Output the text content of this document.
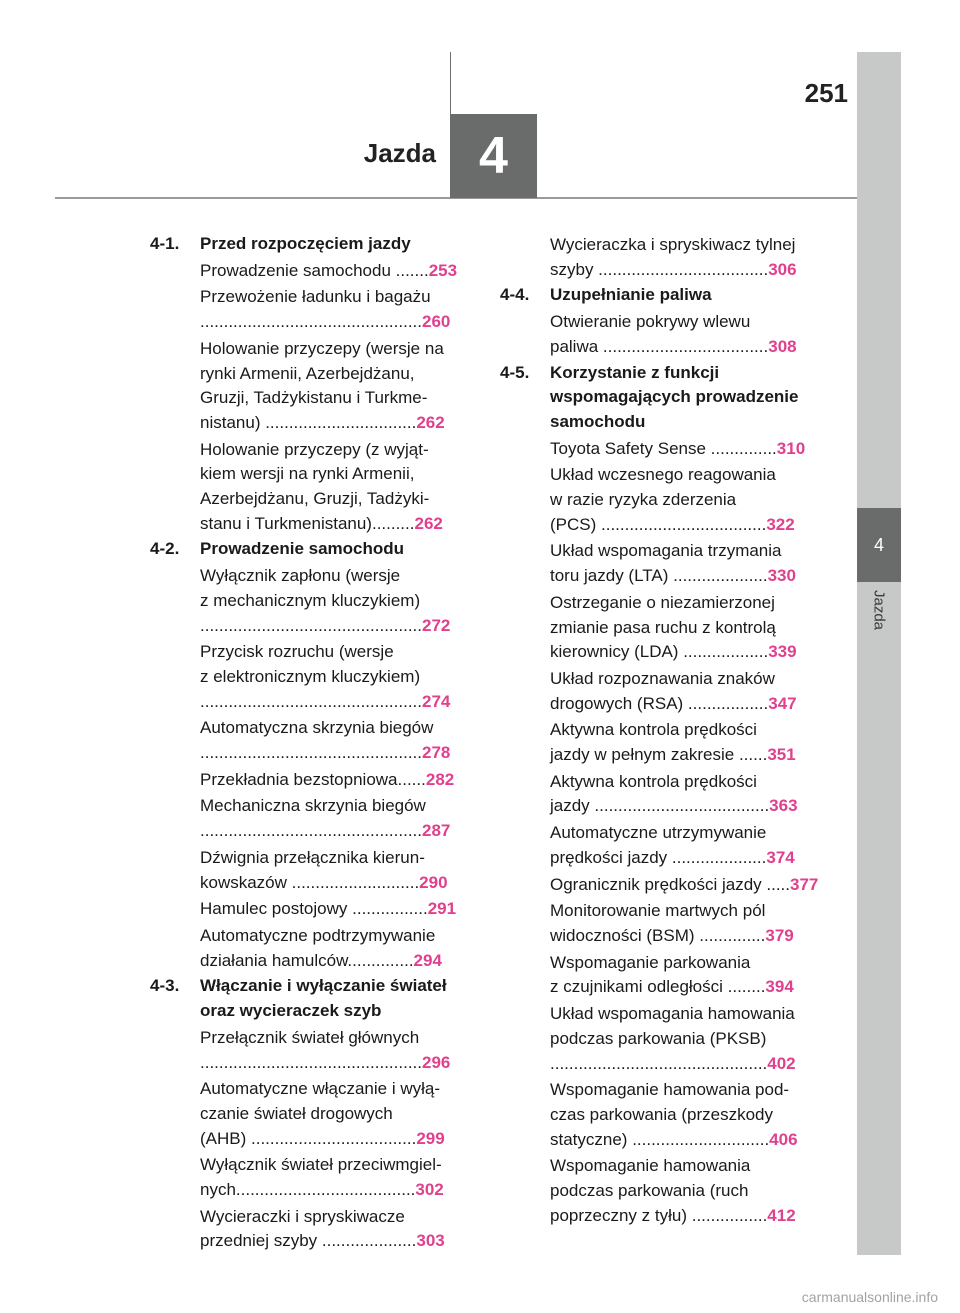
4
Jazda
4
Jazda
251
4-1. Przed rozpoczęciem jazdy
Prowadzenie samochodu .......253
Przewożenie ładunku i bagażu
...............................................260
Holowanie przyczepy (wersje na
rynki Armenii, Azerbejdżanu,
Gruzji, Tadżykistanu i Turkme-
nistanu) ................................262
Holowanie przyczepy (z wyjąt-
kiem wersji na rynki Armenii,
Azerbejdżanu, Gruzji, Tadżyki-
stanu i Turkmenistanu).........262
4-2. Prowadzenie samochodu
Wyłącznik zapłonu (wersje
z mechanicznym kluczykiem)
...............................................272
Przycisk rozruchu (wersje
z elektronicznym kluczykiem)
...............................................274
Automatyczna skrzynia biegów
...............................................278
Przekładnia bezstopniowa......282
Mechaniczna skrzynia biegów
...............................................287
Dźwignia przełącznika kierun-
kowskazów ...........................290
Hamulec postojowy ................291
Automatyczne podtrzymywanie
działania hamulców..............294
4-3. Włączanie i wyłączanie świateł
oraz wycieraczek szyb
Przełącznik świateł głównych
...............................................296
Automatyczne włączanie i wyłą-
czanie świateł drogowych
(AHB) ...................................299
Wyłącznik świateł przeciwmgiel-
nych......................................302
Wycieraczki i spryskiwacze
przedniej szyby ....................303
Wycieraczka i spryskiwacz tylnej
szyby ....................................306
4-4. Uzupełnianie paliwa
Otwieranie pokrywy wlewu
paliwa ...................................308
4-5. Korzystanie z funkcji
wspomagających prowadzenie
samochodu
Toyota Safety Sense ..............310
Układ wczesnego reagowania
w razie ryzyka zderzenia
(PCS) ...................................322
Układ wspomagania trzymania
toru jazdy (LTA) ....................330
Ostrzeganie o niezamierzonej
zmianie pasa ruchu z kontrolą
kierownicy (LDA) ..................339
Układ rozpoznawania znaków
drogowych (RSA) .................347
Aktywna kontrola prędkości
jazdy w pełnym zakresie ......351
Aktywna kontrola prędkości
jazdy .....................................363
Automatyczne utrzymywanie
prędkości jazdy ....................374
Ogranicznik prędkości jazdy .....377
Monitorowanie martwych pól
widoczności (BSM) ..............379
Wspomaganie parkowania
z czujnikami odległości ........394
Układ wspomagania hamowania
podczas parkowania (PKSB)
..............................................402
Wspomaganie hamowania pod-
czas parkowania (przeszkody
statyczne) .............................406
Wspomaganie hamowania
podczas parkowania (ruch
poprzeczny z tyłu) ................412
carmanualsonline.info
